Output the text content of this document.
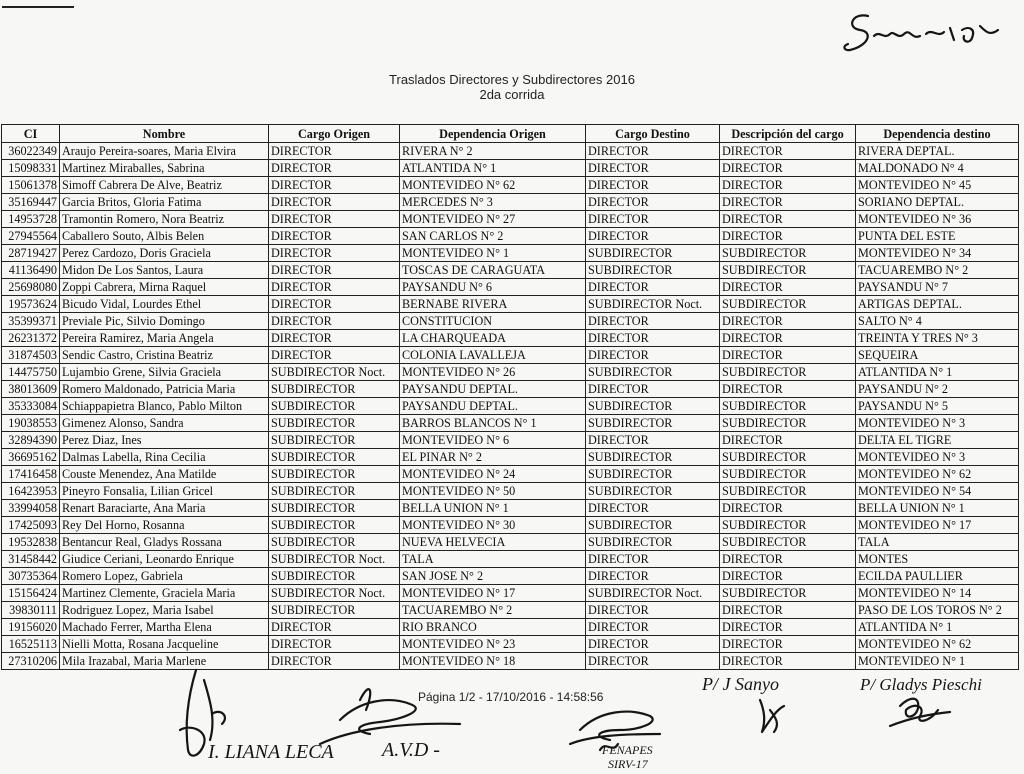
Traslados Directores y Subdirectores 2016
2da corrida
CI	Nombre	Cargo Origen	Dependencia Origen	Cargo Destino	Descripción del cargo	Dependencia destino
36022349	Araujo Pereira-soares, Maria Elvira	DIRECTOR	RIVERA N° 2	DIRECTOR	DIRECTOR	RIVERA DEPTAL.
15098331	Martinez Miraballes, Sabrina	DIRECTOR	ATLANTIDA N° 1	DIRECTOR	DIRECTOR	MALDONADO N° 4
15061378	Simoff Cabrera De Alve, Beatriz	DIRECTOR	MONTEVIDEO N° 62	DIRECTOR	DIRECTOR	MONTEVIDEO N° 45
35169447	Garcia Britos, Gloria Fatima	DIRECTOR	MERCEDES N° 3	DIRECTOR	DIRECTOR	SORIANO DEPTAL.
14953728	Tramontin Romero, Nora Beatriz	DIRECTOR	MONTEVIDEO N° 27	DIRECTOR	DIRECTOR	MONTEVIDEO N° 36
27945564	Caballero Souto, Albis Belen	DIRECTOR	SAN CARLOS N° 2	DIRECTOR	DIRECTOR	PUNTA DEL ESTE
28719427	Perez Cardozo, Doris Graciela	DIRECTOR	MONTEVIDEO N° 1	SUBDIRECTOR	SUBDIRECTOR	MONTEVIDEO N° 34
41136490	Midon De Los Santos, Laura	DIRECTOR	TOSCAS DE CARAGUATA	SUBDIRECTOR	SUBDIRECTOR	TACUAREMBO N° 2
25698080	Zoppi Cabrera, Mirna Raquel	DIRECTOR	PAYSANDU N° 6	DIRECTOR	DIRECTOR	PAYSANDU N° 7
19573624	Bicudo Vidal, Lourdes Ethel	DIRECTOR	BERNABE RIVERA	SUBDIRECTOR Noct.	SUBDIRECTOR	ARTIGAS DEPTAL.
35399371	Previale Pic, Silvio Domingo	DIRECTOR	CONSTITUCION	DIRECTOR	DIRECTOR	SALTO N° 4
26231372	Pereira Ramirez, Maria Angela	DIRECTOR	LA CHARQUEADA	DIRECTOR	DIRECTOR	TREINTA Y TRES N° 3
31874503	Sendic Castro, Cristina Beatriz	DIRECTOR	COLONIA LAVALLEJA	DIRECTOR	DIRECTOR	SEQUEIRA
14475750	Lujambio Grene, Silvia Graciela	SUBDIRECTOR Noct.	MONTEVIDEO N° 26	SUBDIRECTOR	SUBDIRECTOR	ATLANTIDA N° 1
38013609	Romero Maldonado, Patricia Maria	SUBDIRECTOR	PAYSANDU DEPTAL.	DIRECTOR	DIRECTOR	PAYSANDU N° 2
35333084	Schiappapietra Blanco, Pablo Milton	SUBDIRECTOR	PAYSANDU DEPTAL.	SUBDIRECTOR	SUBDIRECTOR	PAYSANDU N° 5
19038553	Gimenez Alonso, Sandra	SUBDIRECTOR	BARROS BLANCOS N° 1	SUBDIRECTOR	SUBDIRECTOR	MONTEVIDEO N° 3
32894390	Perez Diaz, Ines	SUBDIRECTOR	MONTEVIDEO N° 6	DIRECTOR	DIRECTOR	DELTA EL TIGRE
36695162	Dalmas Labella, Rina Cecilia	SUBDIRECTOR	EL PINAR N° 2	SUBDIRECTOR	SUBDIRECTOR	MONTEVIDEO N° 3
17416458	Couste Menendez, Ana Matilde	SUBDIRECTOR	MONTEVIDEO N° 24	SUBDIRECTOR	SUBDIRECTOR	MONTEVIDEO N° 62
16423953	Pineyro Fonsalia, Lilian Gricel	SUBDIRECTOR	MONTEVIDEO N° 50	SUBDIRECTOR	SUBDIRECTOR	MONTEVIDEO N° 54
33994058	Renart Baraciarte, Ana Maria	SUBDIRECTOR	BELLA UNION N° 1	DIRECTOR	DIRECTOR	BELLA UNION N° 1
17425093	Rey Del Horno, Rosanna	SUBDIRECTOR	MONTEVIDEO N° 30	SUBDIRECTOR	SUBDIRECTOR	MONTEVIDEO N° 17
19532838	Bentancur Real, Gladys Rossana	SUBDIRECTOR	NUEVA HELVECIA	SUBDIRECTOR	SUBDIRECTOR	TALA
31458442	Giudice Ceriani, Leonardo Enrique	SUBDIRECTOR Noct.	TALA	DIRECTOR	DIRECTOR	MONTES
30735364	Romero Lopez, Gabriela	SUBDIRECTOR	SAN JOSE N° 2	DIRECTOR	DIRECTOR	ECILDA PAULLIER
15156424	Martinez Clemente, Graciela Maria	SUBDIRECTOR Noct.	MONTEVIDEO N° 17	SUBDIRECTOR Noct.	SUBDIRECTOR	MONTEVIDEO N° 14
39830111	Rodriguez Lopez, Maria Isabel	SUBDIRECTOR	TACUAREMBO N° 2	DIRECTOR	DIRECTOR	PASO DE LOS TOROS N° 2
19156020	Machado Ferrer, Martha Elena	DIRECTOR	RIO BRANCO	DIRECTOR	DIRECTOR	ATLANTIDA N° 1
16525113	Nielli Motta, Rosana Jacqueline	DIRECTOR	MONTEVIDEO N° 23	DIRECTOR	DIRECTOR	MONTEVIDEO N° 62
27310206	Mila Irazabal, Maria Marlene	DIRECTOR	MONTEVIDEO N° 18	DIRECTOR	DIRECTOR	MONTEVIDEO N° 1
Página 1/2 - 17/10/2016 - 14:58:56
I. LIANA LECA A.V.D -	FENAPES
SIRV-17
P/ J Sanyo	P/ Gladys Pieschi
